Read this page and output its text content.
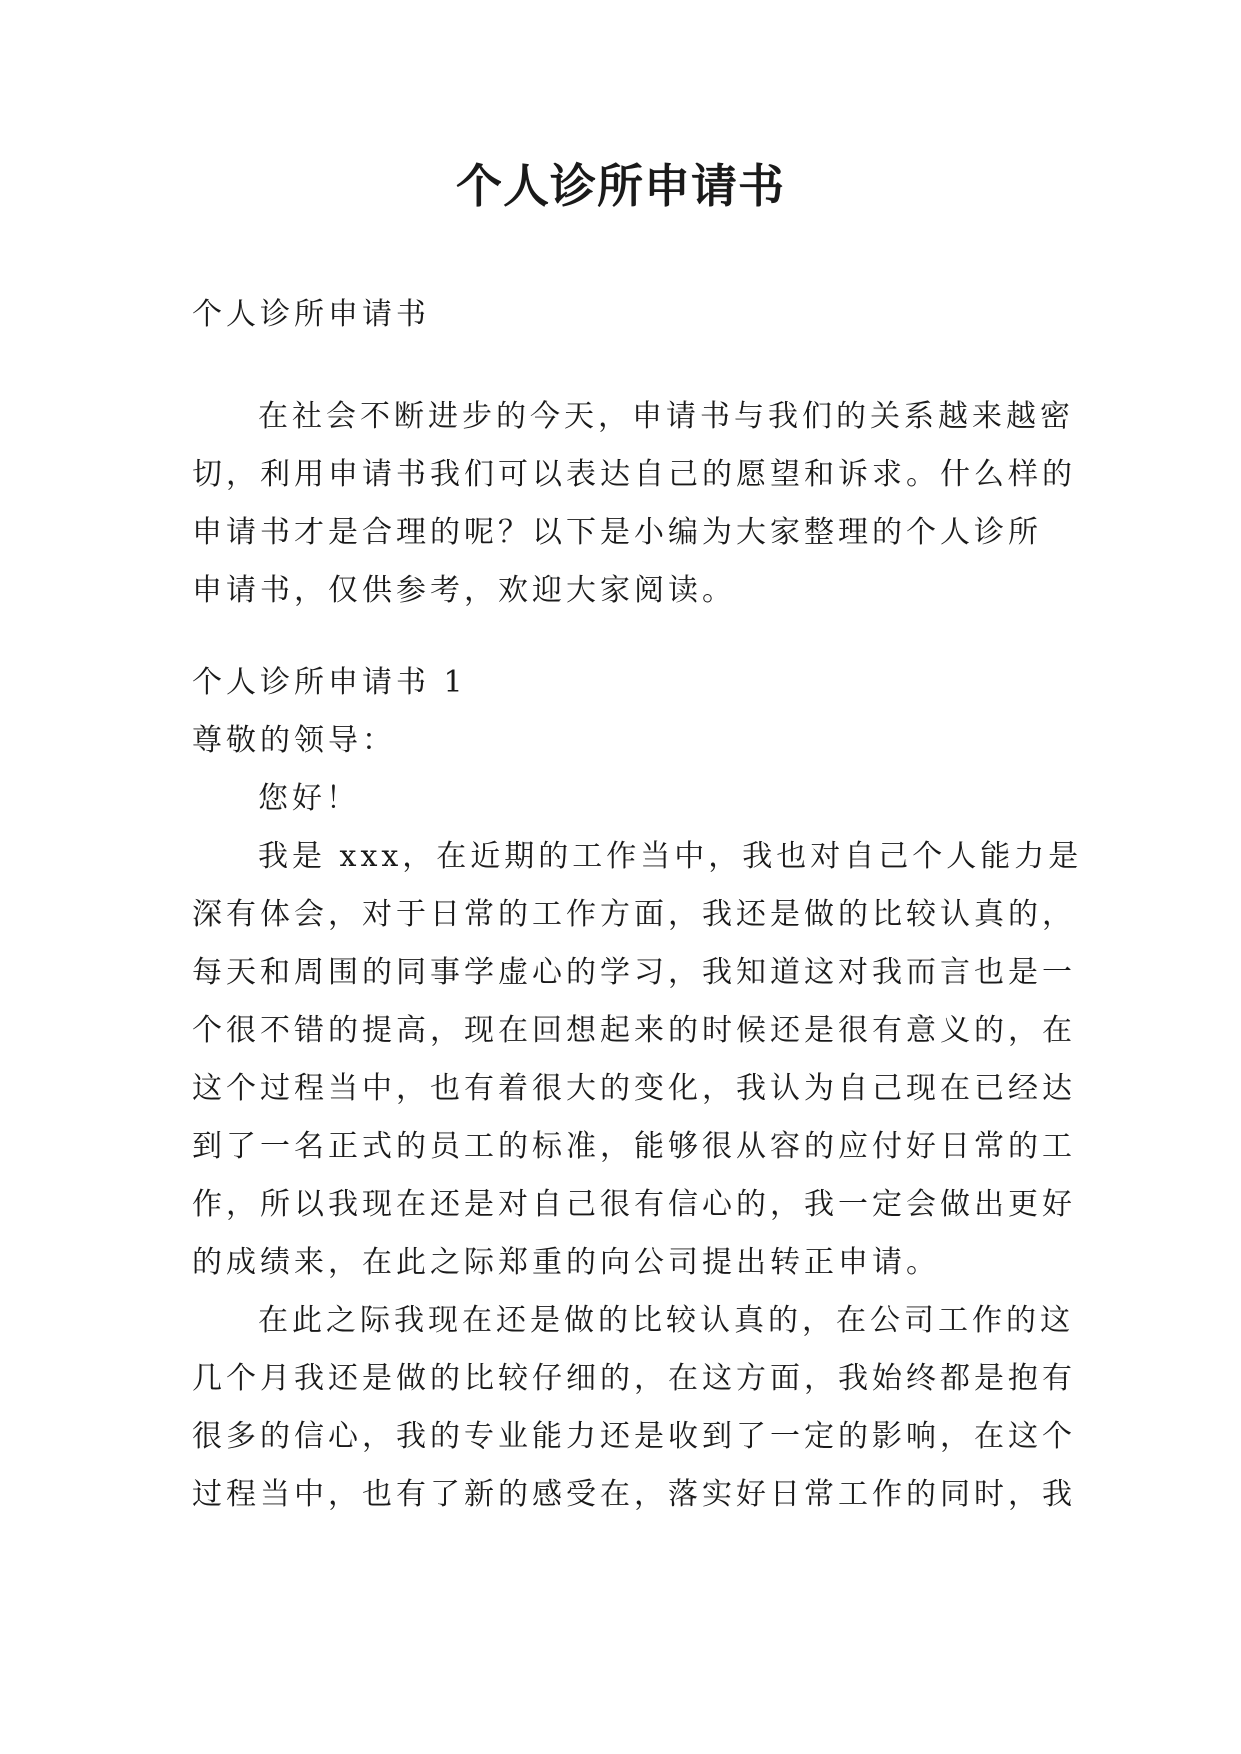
个人诊所申请书
个人诊所申请书
在社会不断进步的今天，申请书与我们的关系越来越密
切，利用申请书我们可以表达自己的愿望和诉求。什么样的
申请书才是合理的呢？以下是小编为大家整理的个人诊所
申请书，仅供参考，欢迎大家阅读。
个人诊所申请书 1
尊敬的领导：
您好！
我是 xxx，在近期的工作当中，我也对自己个人能力是
深有体会，对于日常的工作方面，我还是做的比较认真的，
每天和周围的同事学虚心的学习，我知道这对我而言也是一
个很不错的提高，现在回想起来的时候还是很有意义的，在
这个过程当中，也有着很大的变化，我认为自己现在已经达
到了一名正式的员工的标准，能够很从容的应付好日常的工
作，所以我现在还是对自己很有信心的，我一定会做出更好
的成绩来，在此之际郑重的向公司提出转正申请。
在此之际我现在还是做的比较认真的，在公司工作的这
几个月我还是做的比较仔细的，在这方面，我始终都是抱有
很多的信心，我的专业能力还是收到了一定的影响，在这个
过程当中，也有了新的感受在，落实好日常工作的同时，我
